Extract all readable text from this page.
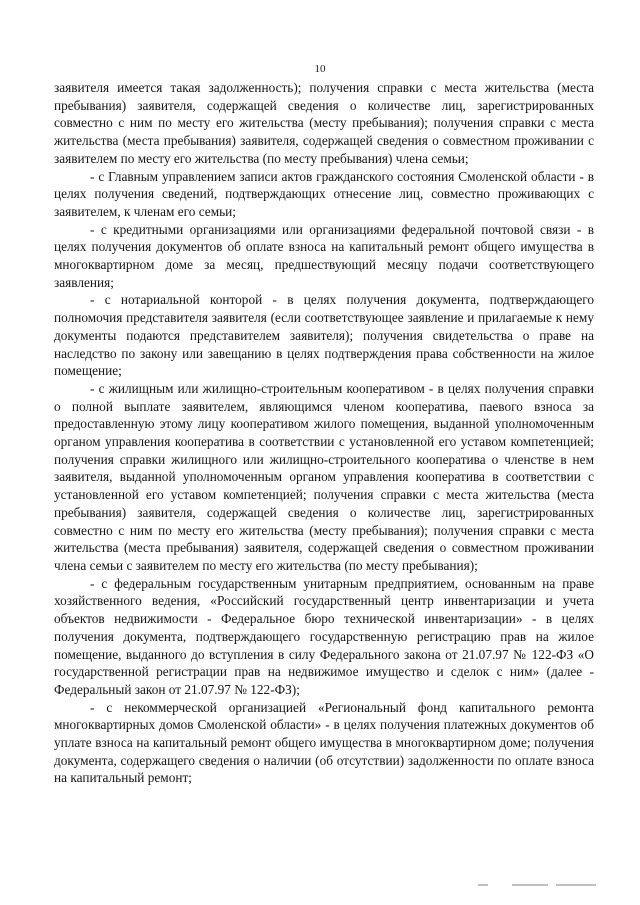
10

заявителя имеется такая задолженность); получения справки с места жительства (места пребывания) заявителя, содержащей сведения о количестве лиц, зарегистрированных совместно с ним по месту его жительства (месту пребывания); получения справки с места жительства (места пребывания) заявителя, содержащей сведения о совместном проживании с заявителем по месту его жительства (по месту пребывания) члена семьи;

- с Главным управлением записи актов гражданского состояния Смоленской области - в целях получения сведений, подтверждающих отнесение лиц, совместно проживающих с заявителем, к членам его семьи;

- с кредитными организациями или организациями федеральной почтовой связи - в целях получения документов об оплате взноса на капитальный ремонт общего имущества в многоквартирном доме за месяц, предшествующий месяцу подачи соответствующего заявления;

- с нотариальной конторой - в целях получения документа, подтверждающего полномочия представителя заявителя (если соответствующее заявление и прилагаемые к нему документы подаются представителем заявителя); получения свидетельства о праве на наследство по закону или завещанию в целях подтверждения права собственности на жилое помещение;

- с жилищным или жилищно-строительным кооперативом - в целях получения справки о полной выплате заявителем, являющимся членом кооператива, паевого взноса за предоставленную этому лицу кооперативом жилого помещения, выданной уполномоченным органом управления кооператива в соответствии с установленной его уставом компетенцией; получения справки жилищного или жилищно-строительного кооператива о членстве в нем заявителя, выданной уполномоченным органом управления кооператива в соответствии с установленной его уставом компетенцией; получения справки с места жительства (места пребывания) заявителя, содержащей сведения о количестве лиц, зарегистрированных совместно с ним по месту его жительства (месту пребывания); получения справки с места жительства (места пребывания) заявителя, содержащей сведения о совместном проживании члена семьи с заявителем по месту его жительства (по месту пребывания);

- с федеральным государственным унитарным предприятием, основанным на праве хозяйственного ведения, «Российский государственный центр инвентаризации и учета объектов недвижимости - Федеральное бюро технической инвентаризации» - в целях получения документа, подтверждающего государственную регистрацию прав на жилое помещение, выданного до вступления в силу Федерального закона от 21.07.97 № 122-ФЗ «О государственной регистрации прав на недвижимое имущество и сделок с ним» (далее - Федеральный закон от 21.07.97 № 122-ФЗ);

- с некоммерческой организацией «Региональный фонд капитального ремонта многоквартирных домов Смоленской области» - в целях получения платежных документов об уплате взноса на капитальный ремонт общего имущества в многоквартирном доме; получения документа, содержащего сведения о наличии (об отсутствии) задолженности по оплате взноса на капитальный ремонт;
